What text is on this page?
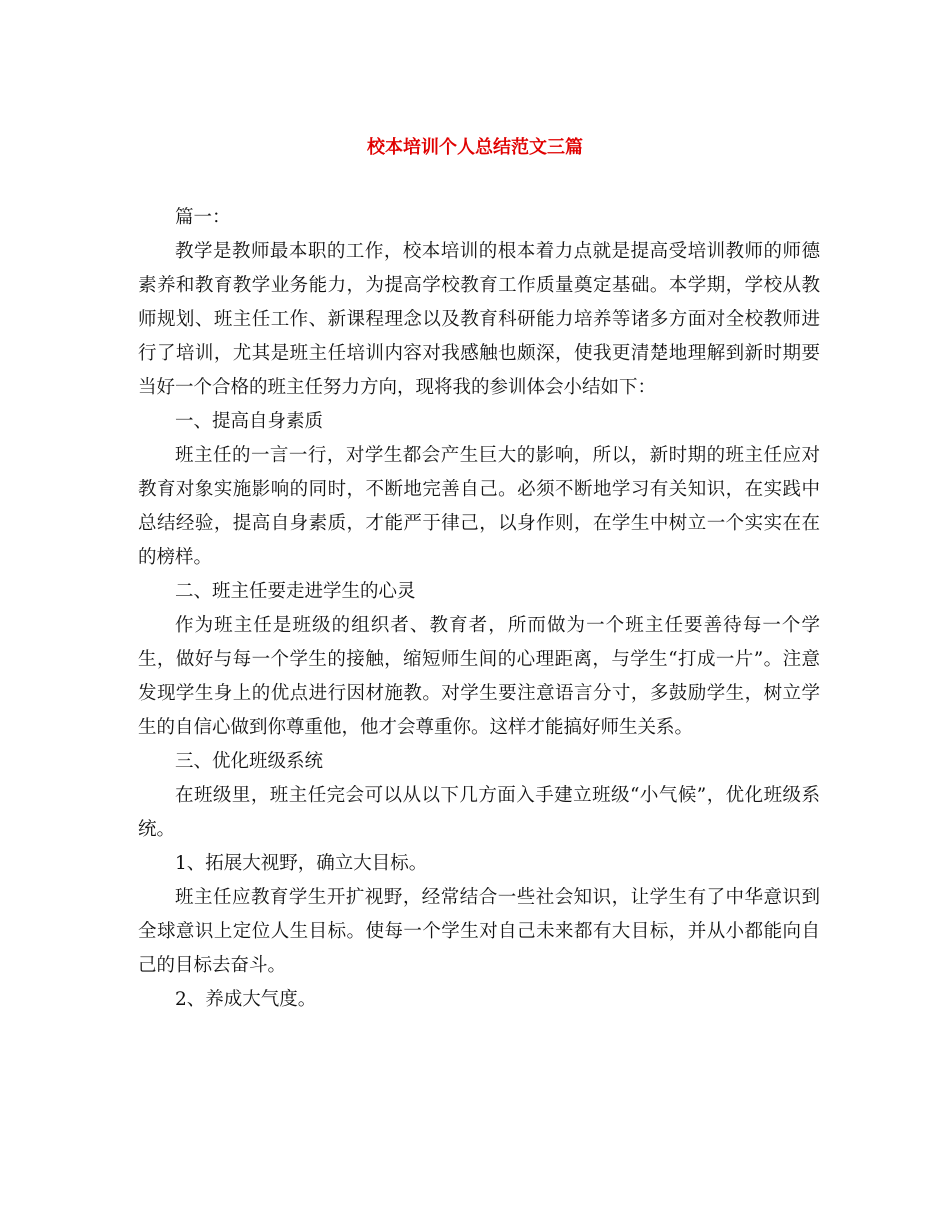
校本培训个人总结范文三篇

篇一：

教学是教师最本职的工作，校本培训的根本着力点就是提高受培训教师的师德素养和教育教学业务能力，为提高学校教育工作质量奠定基础。本学期，学校从教师规划、班主任工作、新课程理念以及教育科研能力培养等诸多方面对全校教师进行了培训，尤其是班主任培训内容对我感触也颇深，使我更清楚地理解到新时期要当好一个合格的班主任努力方向，现将我的参训体会小结如下：

一、提高自身素质

班主任的一言一行，对学生都会产生巨大的影响，所以，新时期的班主任应对教育对象实施影响的同时，不断地完善自己。必须不断地学习有关知识，在实践中总结经验，提高自身素质，才能严于律己，以身作则，在学生中树立一个实实在在的榜样。

二、班主任要走进学生的心灵

作为班主任是班级的组织者、教育者，所而做为一个班主任要善待每一个学生，做好与每一个学生的接触，缩短师生间的心理距离，与学生“打成一片”。注意发现学生身上的优点进行因材施教。对学生要注意语言分寸，多鼓励学生，树立学生的自信心做到你尊重他，他才会尊重你。这样才能搞好师生关系。

三、优化班级系统

在班级里，班主任完会可以从以下几方面入手建立班级“小气候”，优化班级系统。

1、拓展大视野，确立大目标。

班主任应教育学生开扩视野，经常结合一些社会知识，让学生有了中华意识到全球意识上定位人生目标。使每一个学生对自己未来都有大目标，并从小都能向自己的目标去奋斗。

2、养成大气度。
